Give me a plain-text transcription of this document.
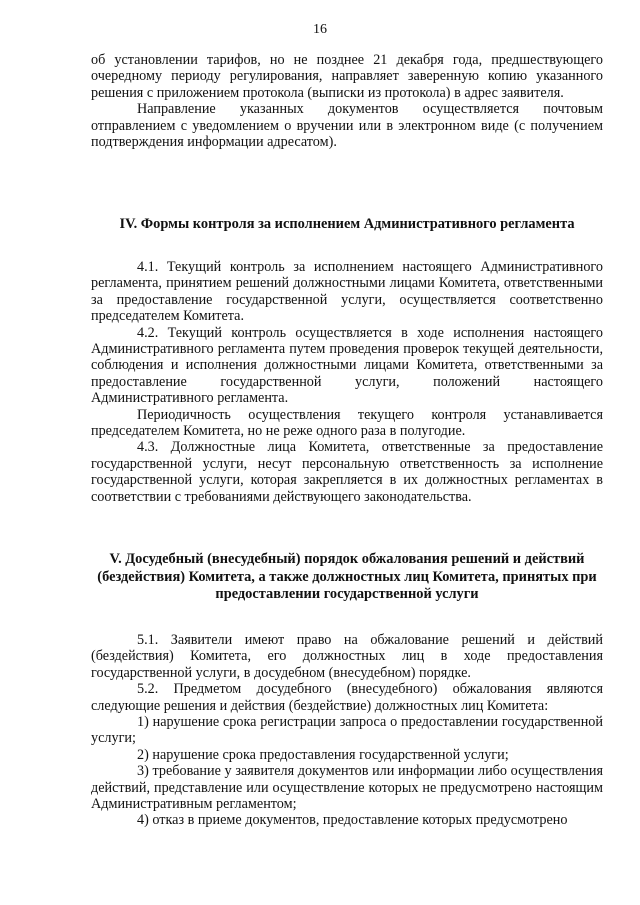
16

об установлении тарифов, но не позднее 21 декабря года, предшествующего очередному периоду регулирования, направляет заверенную копию указанного решения с приложением протокола (выписки из протокола) в адрес заявителя.

Направление указанных документов осуществляется почтовым отправлением с уведомлением о вручении или в электронном виде (с получением подтверждения информации адресатом).

IV. Формы контроля за исполнением Административного регламента

4.1. Текущий контроль за исполнением настоящего Административного регламента, принятием решений должностными лицами Комитета, ответственными за предоставление государственной услуги, осуществляется соответственно председателем Комитета.

4.2. Текущий контроль осуществляется в ходе исполнения настоящего Административного регламента путем проведения проверок текущей деятельности, соблюдения и исполнения должностными лицами Комитета, ответственными за предоставление государственной услуги, положений настоящего Административного регламента.

Периодичность осуществления текущего контроля устанавливается председателем Комитета, но не реже одного раза в полугодие.

4.3. Должностные лица Комитета, ответственные за предоставление государственной услуги, несут персональную ответственность за исполнение государственной услуги, которая закрепляется в их должностных регламентах в соответствии с требованиями действующего законодательства.

V. Досудебный (внесудебный) порядок обжалования решений и действий (бездействия) Комитета, а также должностных лиц Комитета, принятых при предоставлении государственной услуги

5.1. Заявители имеют право на обжалование решений и действий (бездействия) Комитета, его должностных лиц в ходе предоставления государственной услуги, в досудебном (внесудебном) порядке.

5.2. Предметом досудебного (внесудебного) обжалования являются следующие решения и действия (бездействие) должностных лиц Комитета:

1) нарушение срока регистрации запроса о предоставлении государственной услуги;

2) нарушение срока предоставления государственной услуги;

3) требование у заявителя документов или информации либо осуществления действий, представление или осуществление которых не предусмотрено настоящим Административным регламентом;

4) отказ в приеме документов, предоставление которых предусмотрено
